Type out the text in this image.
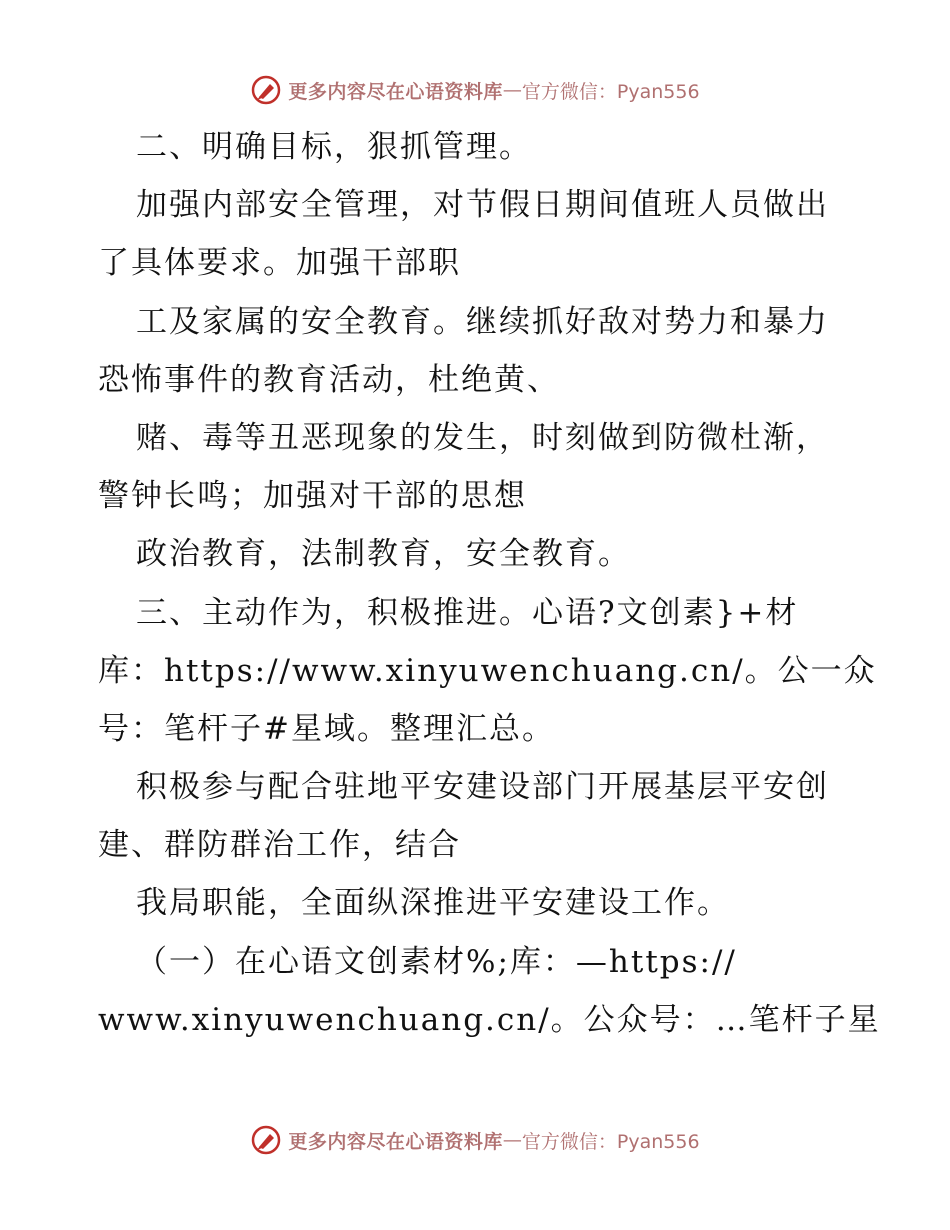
更多内容尽在心语资料库 — 官方微信：Pyan556
二、明确目标，狠抓管理。
加强内部安全管理，对节假日期间值班人员做出
了具体要求。加强干部职
工及家属的安全教育。继续抓好敌对势力和暴力
恐怖事件的教育活动，杜绝黄、
赌、毒等丑恶现象的发生，时刻做到防微杜渐，
警钟长鸣；加强对干部的思想
政治教育，法制教育，安全教育。
三、主动作为，积极推进。心语?文创素}+材
库：https://www.xinyuwenchuang.cn/。公一众
号：笔杆子#星域。整理汇总。
积极参与配合驻地平安建设部门开展基层平安创
建、群防群治工作，结合
我局职能，全面纵深推进平安建设工作。
（一）在心语文创素材%;库：—https://
www.xinyuwenchuang.cn/。公众号：…笔杆子星
更多内容尽在心语资料库 — 官方微信：Pyan556
